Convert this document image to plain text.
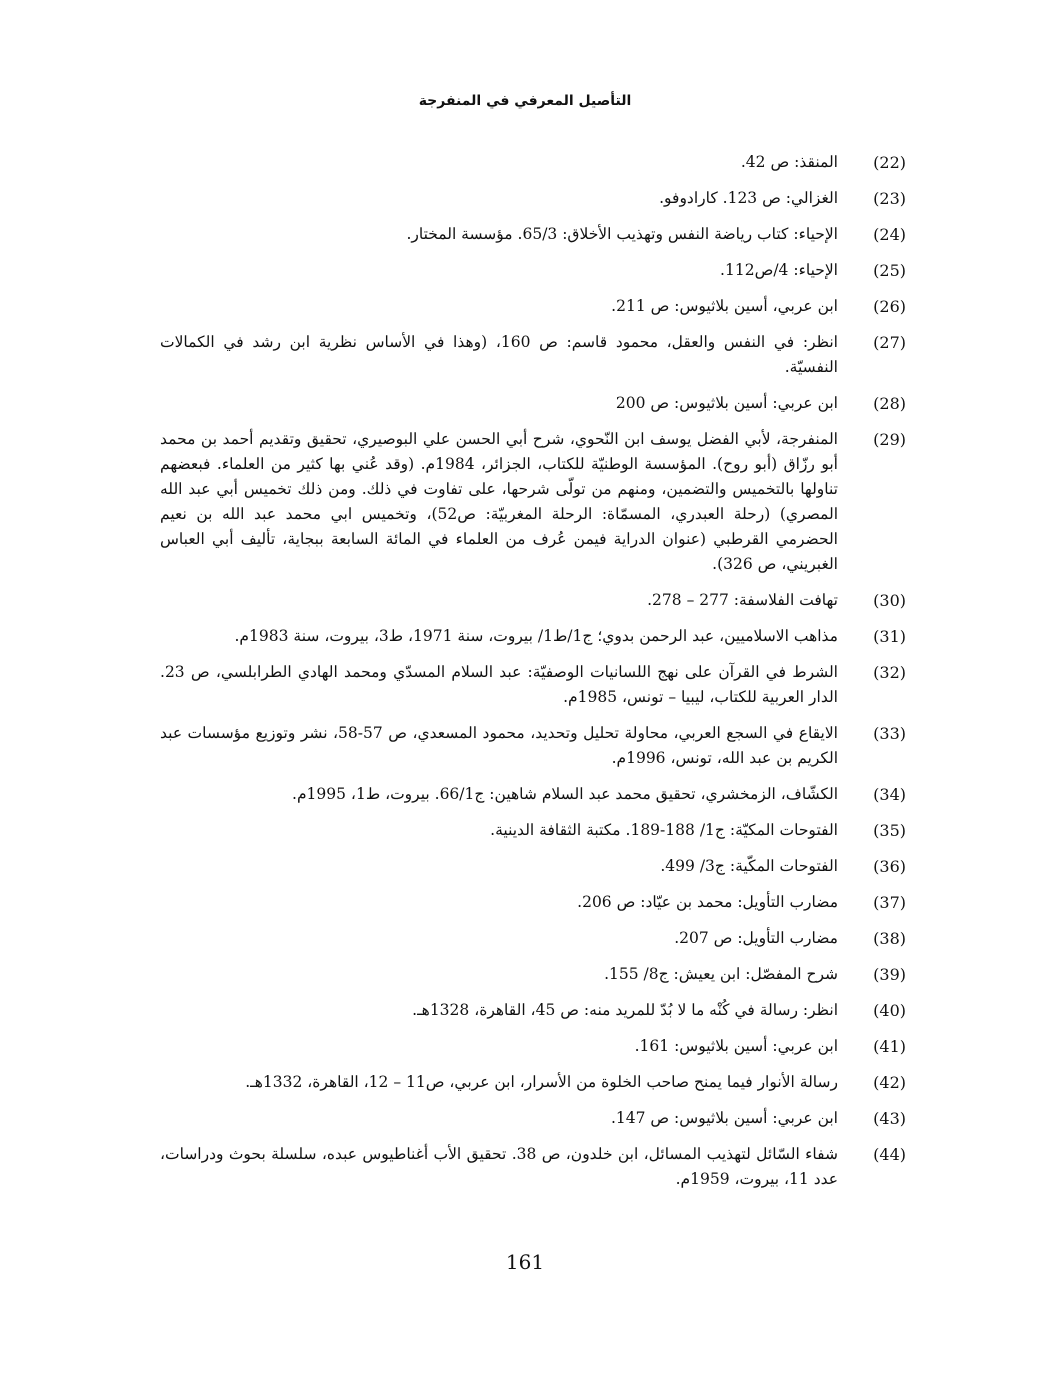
التأصيل المعرفي في المنفرجة
(22)
المنقذ: ص 42.
(23)
الغزالي: ص 123. كارادوفو.
(24)
الإحياء: كتاب رياضة النفس وتهذيب الأخلاق: 65/3. مؤسسة المختار.
(25)
الإحياء: 4/ص112.
(26)
ابن عربي، أسين بلاثيوس: ص 211.
(27)
انظر: في النفس والعقل، محمود قاسم: ص 160، (وهذا في الأساس نظرية ابن رشد في الكمالات النفسيّة.
(28)
ابن عربي: أسين بلاثيوس: ص 200
(29)
المنفرجة، لأبي الفضل يوسف ابن النّحوي، شرح أبي الحسن علي البوصيري، تحقيق وتقديم أحمد بن محمد أبو رزّاق (أبو روح). المؤسسة الوطنيّة للكتاب، الجزائر، 1984م. (وقد عُني بها كثير من العلماء. فبعضهم تناولها بالتخميس والتضمين، ومنهم من تولّى شرحها، على تفاوت في ذلك. ومن ذلك تخميس أبي عبد الله المصري) (رحلة العبدري، المسمّاة: الرحلة المغربيّة: ص52)، وتخميس ابي محمد عبد الله بن نعيم الحضرمي القرطبي (عنوان الدراية فيمن عُرف من العلماء في المائة السابعة ببجاية، تأليف أبي العباس الغبريني، ص 326).
(30)
تهافت الفلاسفة: 277 – 278.
(31)
مذاهب الاسلاميين، عبد الرحمن بدوي؛ ج1/ط1/ بيروت، سنة 1971، ط3، بيروت، سنة 1983م.
(32)
الشرط في القرآن على نهج اللسانيات الوصفيّة: عبد السلام المسدّي ومحمد الهادي الطرابلسي، ص 23. الدار العربية للكتاب، ليبيا – تونس، 1985م.
(33)
الايقاع في السجع العربي، محاولة تحليل وتحديد، محمود المسعدي، ص 57-58، نشر وتوزيع مؤسسات عبد الكريم بن عبد الله، تونس، 1996م.
(34)
الكشّاف، الزمخشري، تحقيق محمد عبد السلام شاهين: ج66/1. بيروت، ط1، 1995م.
(35)
الفتوحات المكيّة: ج1/ 188-189. مكتبة الثقافة الدينية.
(36)
الفتوحات المكّية: ج3/ 499.
(37)
مضارب التأويل: محمد بن عيّاد: ص 206.
(38)
مضارب التأويل: ص 207.
(39)
شرح المفصّل: ابن يعيش: ج8/ 155.
(40)
انظر: رسالة في كُنْه ما لا بُدّ للمريد منه: ص 45، القاهرة، 1328هـ.
(41)
ابن عربي: أسين بلاثيوس: 161.
(42)
رسالة الأنوار فيما يمنح صاحب الخلوة من الأسرار، ابن عربي، ص11 – 12، القاهرة، 1332هـ.
(43)
ابن عربي: أسين بلاثيوس: ص 147.
(44)
شفاء السّائل لتهذيب المسائل، ابن خلدون، ص 38. تحقيق الأب أغناطيوس عبده، سلسلة بحوث ودراسات، عدد 11، بيروت، 1959م.
161
